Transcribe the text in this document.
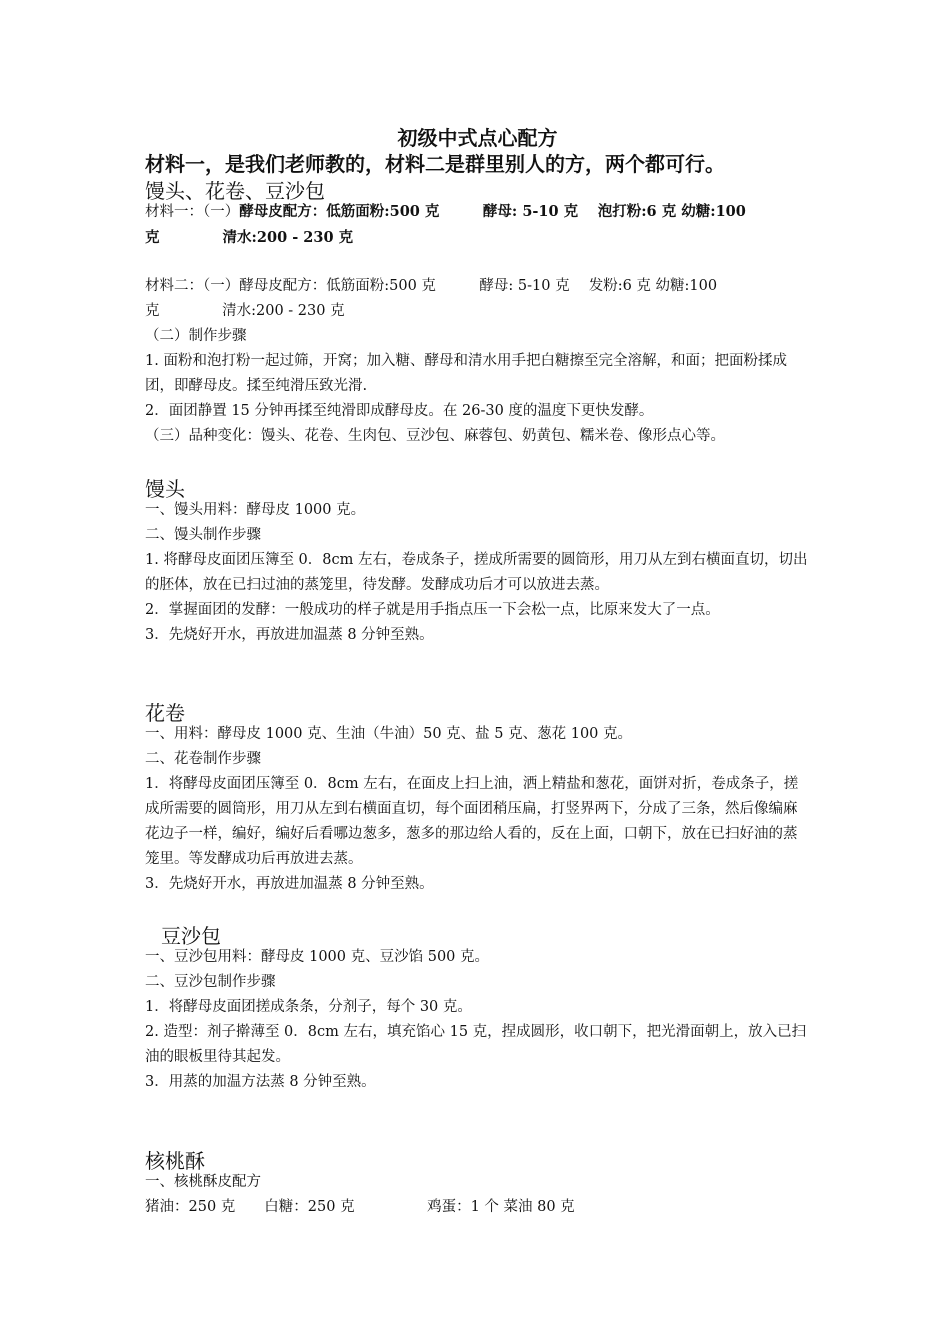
初级中式点心配方
材料一，是我们老师教的，材料二是群里别人的方，两个都可行。
馒头、花卷、豆沙包
材料一：（一）酵母皮配方：低筋面粉:500 克　　　酵母: 5-10 克　 泡打粉:6 克 幼糖:100
克　　　　 清水:200 - 230 克
材料二：（一）酵母皮配方：低筋面粉:500 克　　　酵母: 5-10 克　 发粉:6 克 幼糖:100
克　　　　 清水:200 - 230 克
（二）制作步骤
1. 面粉和泡打粉一起过筛，开窝；加入糖、酵母和清水用手把白糖擦至完全溶解，和面；把面粉揉成团，即酵母皮。揉至纯滑压致光滑.
2．面团静置 15 分钟再揉至纯滑即成酵母皮。在 26-30 度的温度下更快发酵。
（三）品种变化：馒头、花卷、生肉包、豆沙包、麻蓉包、奶黄包、糯米卷、像形点心等。
馒头
一、馒头用料：酵母皮 1000 克。
二、馒头制作步骤
1. 将酵母皮面团压簿至 0．8cm 左右，卷成条子，搓成所需要的圆筒形，用刀从左到右横面直切，切出的胚体，放在已扫过油的蒸笼里，待发酵。发酵成功后才可以放进去蒸。
2．掌握面团的发酵：一般成功的样子就是用手指点压一下会松一点，比原来发大了一点。
3．先烧好开水，再放进加温蒸 8 分钟至熟。
花卷
一、用料：酵母皮 1000 克、生油（牛油）50 克、盐 5 克、葱花 100 克。
二、花卷制作步骤
1．将酵母皮面团压簿至 0．8cm 左右，在面皮上扫上油，洒上精盐和葱花，面饼对折，卷成条子，搓成所需要的圆筒形，用刀从左到右横面直切，每个面团稍压扁，打竖界两下，分成了三条，然后像编麻花边子一样，编好，编好后看哪边葱多，葱多的那边给人看的，反在上面，口朝下，放在已扫好油的蒸笼里。等发酵成功后再放进去蒸。
3．先烧好开水，再放进加温蒸 8 分钟至熟。
豆沙包
一、豆沙包用料：酵母皮 1000 克、豆沙馅 500 克。
二、豆沙包制作步骤
1．将酵母皮面团搓成条条，分剂子，每个 30 克。
2. 造型：剂子擀薄至 0．8cm 左右，填充馅心 15 克，捏成圆形，收口朝下，把光滑面朝上，放入已扫油的眼板里待其起发。
3．用蒸的加温方法蒸 8 分钟至熟。
核桃酥
一、核桃酥皮配方
猪油：250 克　　白糖：250 克　　　　　鸡蛋：1 个 菜油 80 克
